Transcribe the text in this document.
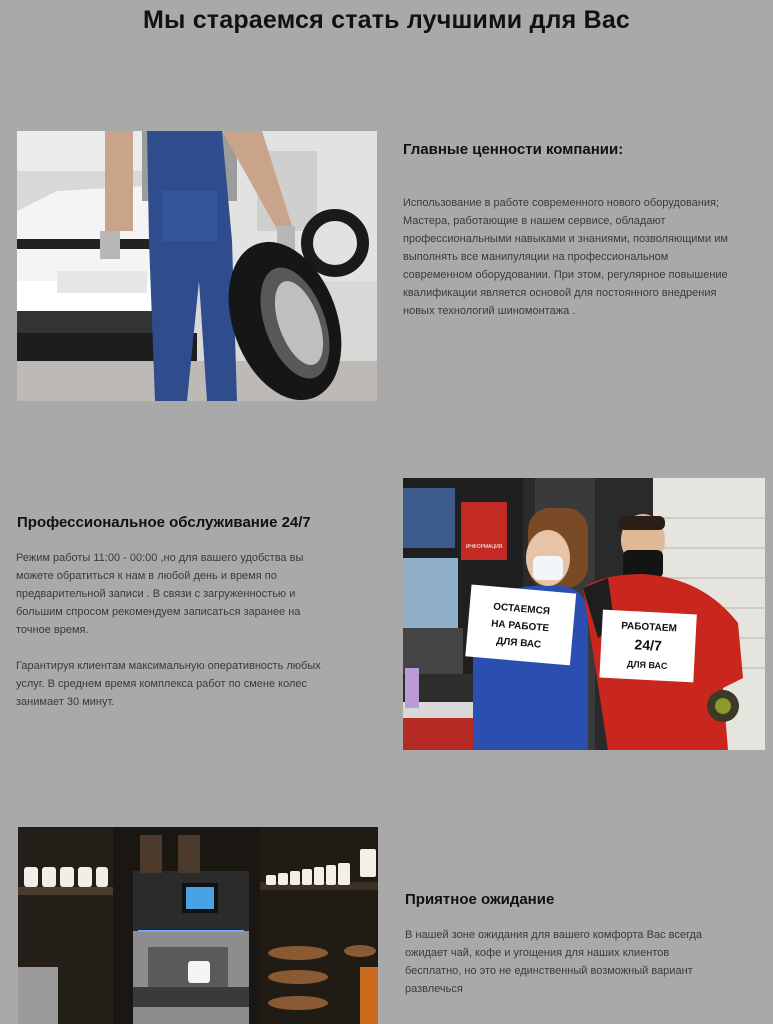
Мы стараемся стать лучшими для Вас
Главные ценности компании:

Использование в работе современного нового оборудования;

Мастера, работающие в нашем сервисе, обладают профессиональными навыками и знаниями, позволяющими им выполнять все манипуляции на профессиональном современном оборудовании. При этом, регулярное повышение квалификации является основой для постоянного внедрения новых технологий шиномонтажа .

Профессиональное обслуживание 24/7

Режим работы 11:00 - 00:00 ,но для вашего удобства вы можете обратиться к нам в любой день и время по предварительной записи . В связи с загруженностью и большим спросом рекомендуем записаться заранее на точное время.

Гарантируя клиентам максимальную оперативность любых услуг. В среднем время комплекса работ по смене колес занимает 30 минут.

ИНФОРМАЦИЯ
ОСТАЕМСЯ
НА РАБОТЕ
ДЛЯ ВАС
РАБОТАЕМ
24/7
ДЛЯ ВАС
Приятное ожидание

В нашей зоне ожидания для вашего комфорта Вас всегда ожидает чай, кофе и угощения для наших клиентов бесплатно, но это не единственный возможный вариант развлечься
